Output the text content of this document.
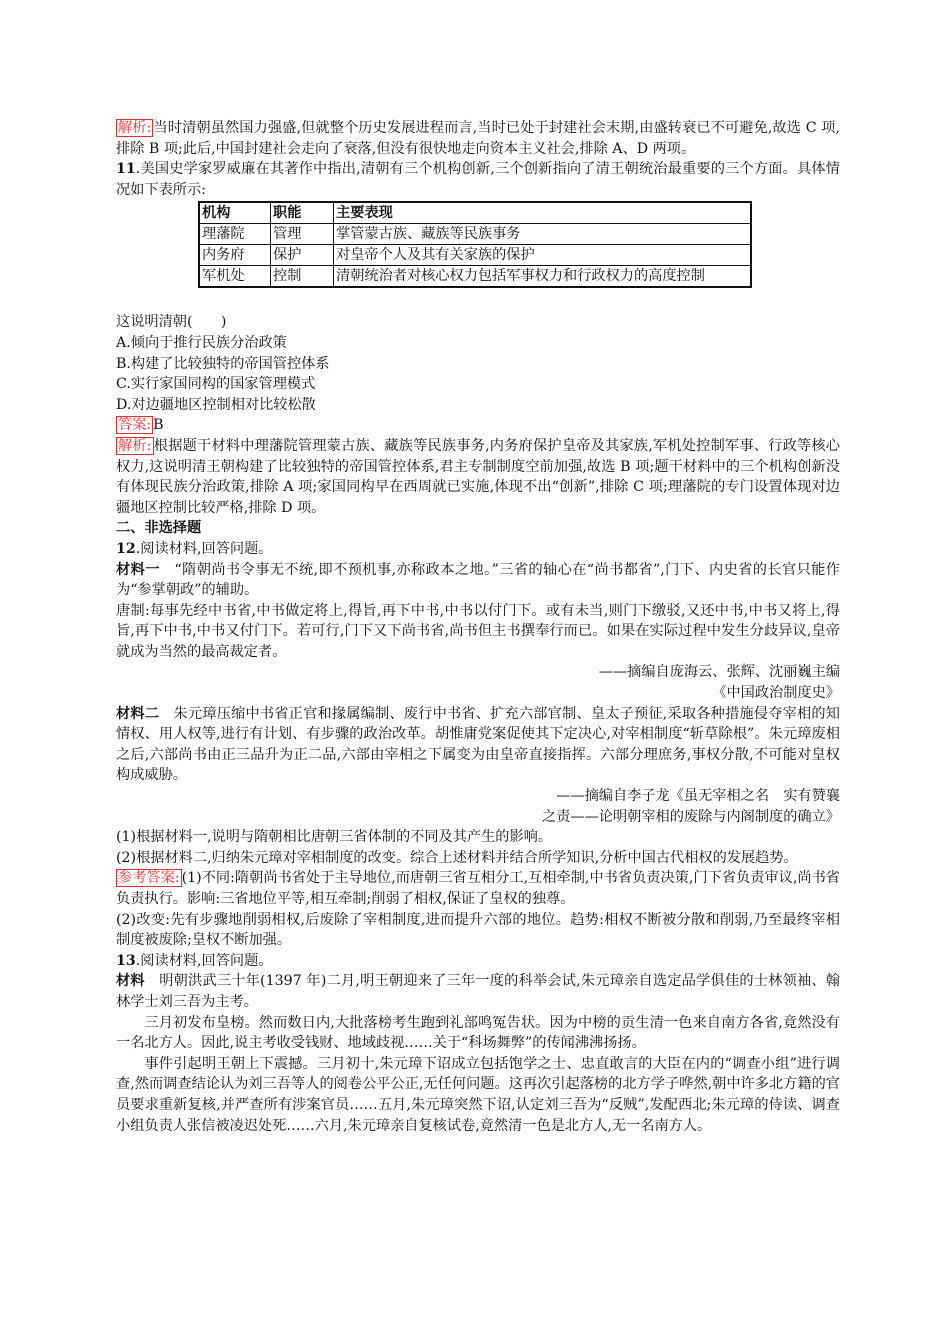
解析: 当时清朝虽然国力强盛,但就整个历史发展进程而言,当时已处于封建社会末期,由盛转衰已不可避免,故选 C 项,排除 B 项;此后,中国封建社会走向了衰落,但没有很快地走向资本主义社会,排除 A、D 两项。

11.美国史学家罗威廉在其著作中指出,清朝有三个机构创新,三个创新指向了清王朝统治最重要的三个方面。具体情况如下表所示:

机构	职能	主要表现
理藩院	管理	掌管蒙古族、藏族等民族事务
内务府	保护	对皇帝个人及其有关家族的保护
军机处	控制	清朝统治者对核心权力包括军事权力和行政权力的高度控制

这说明清朝(　　)

A.倾向于推行民族分治政策

B.构建了比较独特的帝国管控体系

C.实行家国同构的国家管理模式

D.对边疆地区控制相对比较松散

答案: B

解析: 根据题干材料中理藩院管理蒙古族、藏族等民族事务,内务府保护皇帝及其家族,军机处控制军事、行政等核心权力,这说明清王朝构建了比较独特的帝国管控体系,君主专制制度空前加强,故选 B 项;题干材料中的三个机构创新没有体现民族分治政策,排除 A 项;家国同构早在西周就已实施,体现不出“创新”,排除 C 项;理藩院的专门设置体现对边疆地区控制比较严格,排除 D 项。

二、非选择题

12.阅读材料,回答问题。

材料一　“隋朝尚书令事无不统,即不预机事,亦称政本之地。”三省的轴心在“尚书都省”,门下、内史省的长官只能作为“参掌朝政”的辅助。

唐制:每事先经中书省,中书做定将上,得旨,再下中书,中书以付门下。或有未当,则门下缴驳,又还中书,中书又将上,得旨,再下中书,中书又付门下。若可行,门下又下尚书省,尚书但主书撰奉行而已。如果在实际过程中发生分歧异议,皇帝就成为当然的最高裁定者。

——摘编自庞海云、张辉、沈丽巍主编

《中国政治制度史》

材料二　朱元璋压缩中书省正官和掾属编制、废行中书省、扩充六部官制、皇太子预征,采取各种措施侵夺宰相的知情权、用人权等,进行有计划、有步骤的政治改革。胡惟庸党案促使其下定决心,对宰相制度“斩草除根”。朱元璋废相之后,六部尚书由正三品升为正二品,六部由宰相之下属变为由皇帝直接指挥。六部分理庶务,事权分散,不可能对皇权构成威胁。

——摘编自李子龙《虽无宰相之名　实有赞襄

之责——论明朝宰相的废除与内阁制度的确立》

(1)根据材料一,说明与隋朝相比唐朝三省体制的不同及其产生的影响。

(2)根据材料二,归纳朱元璋对宰相制度的改变。综合上述材料并结合所学知识,分析中国古代相权的发展趋势。

参考答案: (1)不同:隋朝尚书省处于主导地位,而唐朝三省互相分工,互相牵制,中书省负责决策,门下省负责审议,尚书省负责执行。影响:三省地位平等,相互牵制;削弱了相权,保证了皇权的独尊。

(2)改变:先有步骤地削弱相权,后废除了宰相制度,进而提升六部的地位。趋势:相权不断被分散和削弱,乃至最终宰相制度被废除;皇权不断加强。

13.阅读材料,回答问题。

材料　明朝洪武三十年(1397 年)二月,明王朝迎来了三年一度的科举会试,朱元璋亲自选定品学俱佳的士林领袖、翰林学士刘三吾为主考。

三月初发布皇榜。然而数日内,大批落榜考生跑到礼部鸣冤告状。因为中榜的贡生清一色来自南方各省,竟然没有一名北方人。因此,说主考收受钱财、地域歧视……关于“科场舞弊”的传闻沸沸扬扬。

事件引起明王朝上下震撼。三月初十,朱元璋下诏成立包括饱学之士、忠直敢言的大臣在内的“调查小组”进行调查,然而调查结论认为刘三吾等人的阅卷公平公正,无任何问题。这再次引起落榜的北方学子哗然,朝中许多北方籍的官员要求重新复核,并严查所有涉案官员……五月,朱元璋突然下诏,认定刘三吾为“反贼”,发配西北;朱元璋的侍读、调查小组负责人张信被凌迟处死……六月,朱元璋亲自复核试卷,竟然清一色是北方人,无一名南方人。
